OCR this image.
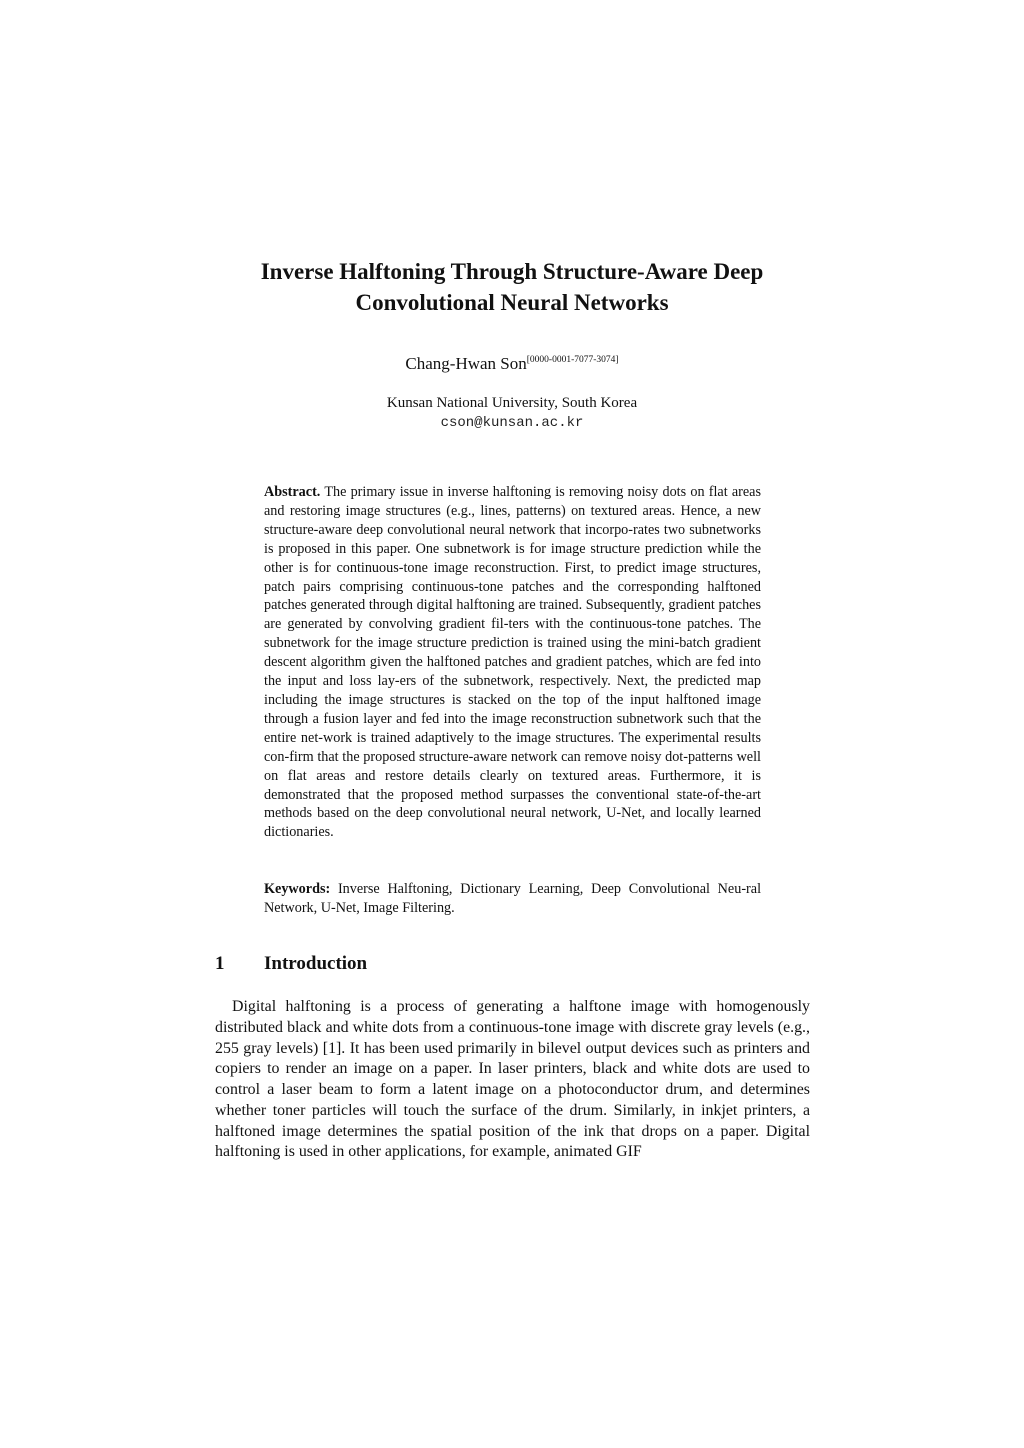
Inverse Halftoning Through Structure-Aware Deep
Convolutional Neural Networks
Chang-Hwan Son[0000-0001-7077-3074]
Kunsan National University, South Korea
cson@kunsan.ac.kr

Abstract. The primary issue in inverse halftoning is removing noisy dots on flat areas and restoring image structures (e.g., lines, patterns) on textured areas. Hence, a new structure-aware deep convolutional neural network that incorpo-rates two subnetworks is proposed in this paper. One subnetwork is for image structure prediction while the other is for continuous-tone image reconstruction. First, to predict image structures, patch pairs comprising continuous-tone patches and the corresponding halftoned patches generated through digital halftoning are trained. Subsequently, gradient patches are generated by convolving gradient fil-ters with the continuous-tone patches. The subnetwork for the image structure prediction is trained using the mini-batch gradient descent algorithm given the halftoned patches and gradient patches, which are fed into the input and loss lay-ers of the subnetwork, respectively. Next, the predicted map including the image structures is stacked on the top of the input halftoned image through a fusion layer and fed into the image reconstruction subnetwork such that the entire net-work is trained adaptively to the image structures. The experimental results con-firm that the proposed structure-aware network can remove noisy dot-patterns well on flat areas and restore details clearly on textured areas. Furthermore, it is demonstrated that the proposed method surpasses the conventional state-of-the-art methods based on the deep convolutional neural network, U-Net, and locally learned dictionaries.

Keywords: Inverse Halftoning, Dictionary Learning, Deep Convolutional Neu-ral Network, U-Net, Image Filtering.

1 Introduction

Digital halftoning is a process of generating a halftone image with homogenously distributed black and white dots from a continuous-tone image with discrete gray levels (e.g., 255 gray levels) [1]. It has been used primarily in bilevel output devices such as printers and copiers to render an image on a paper. In laser printers, black and white dots are used to control a laser beam to form a latent image on a photoconductor drum, and determines whether toner particles will touch the surface of the drum. Similarly, in inkjet printers, a halftoned image determines the spatial position of the ink that drops on a paper. Digital halftoning is used in other applications, for example, animated GIF
